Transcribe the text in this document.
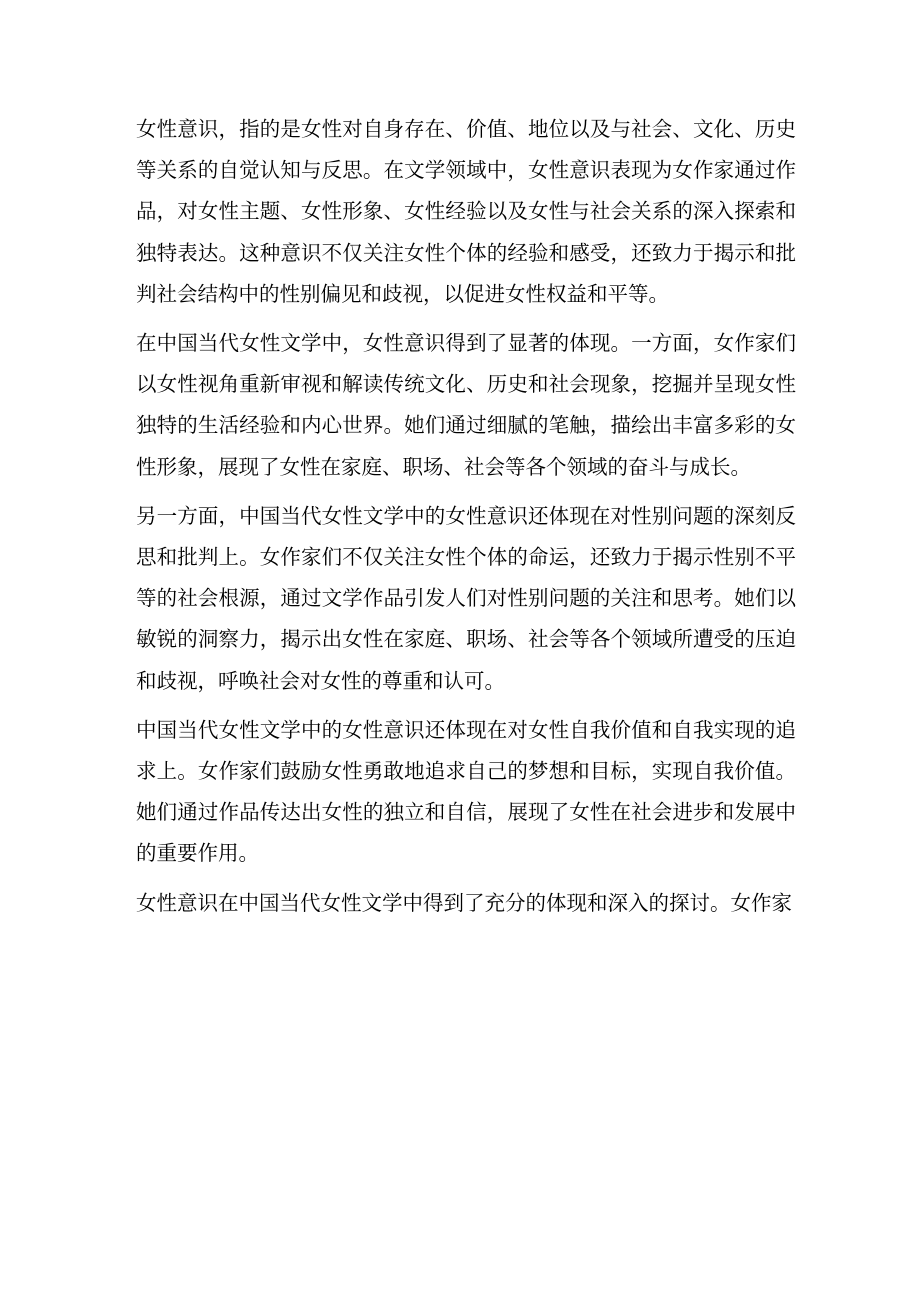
女性意识，指的是女性对自身存在、价值、地位以及与社会、文化、历史等关系的自觉认知与反思。在文学领域中，女性意识表现为女作家通过作品，对女性主题、女性形象、女性经验以及女性与社会关系的深入探索和独特表达。这种意识不仅关注女性个体的经验和感受，还致力于揭示和批判社会结构中的性别偏见和歧视，以促进女性权益和平等。

在中国当代女性文学中，女性意识得到了显著的体现。一方面，女作家们以女性视角重新审视和解读传统文化、历史和社会现象，挖掘并呈现女性独特的生活经验和内心世界。她们通过细腻的笔触，描绘出丰富多彩的女性形象，展现了女性在家庭、职场、社会等各个领域的奋斗与成长。

另一方面，中国当代女性文学中的女性意识还体现在对性别问题的深刻反思和批判上。女作家们不仅关注女性个体的命运，还致力于揭示性别不平等的社会根源，通过文学作品引发人们对性别问题的关注和思考。她们以敏锐的洞察力，揭示出女性在家庭、职场、社会等各个领域所遭受的压迫和歧视，呼唤社会对女性的尊重和认可。

中国当代女性文学中的女性意识还体现在对女性自我价值和自我实现的追求上。女作家们鼓励女性勇敢地追求自己的梦想和目标，实现自我价值。她们通过作品传达出女性的独立和自信，展现了女性在社会进步和发展中的重要作用。

女性意识在中国当代女性文学中得到了充分的体现和深入的探讨。女作家
